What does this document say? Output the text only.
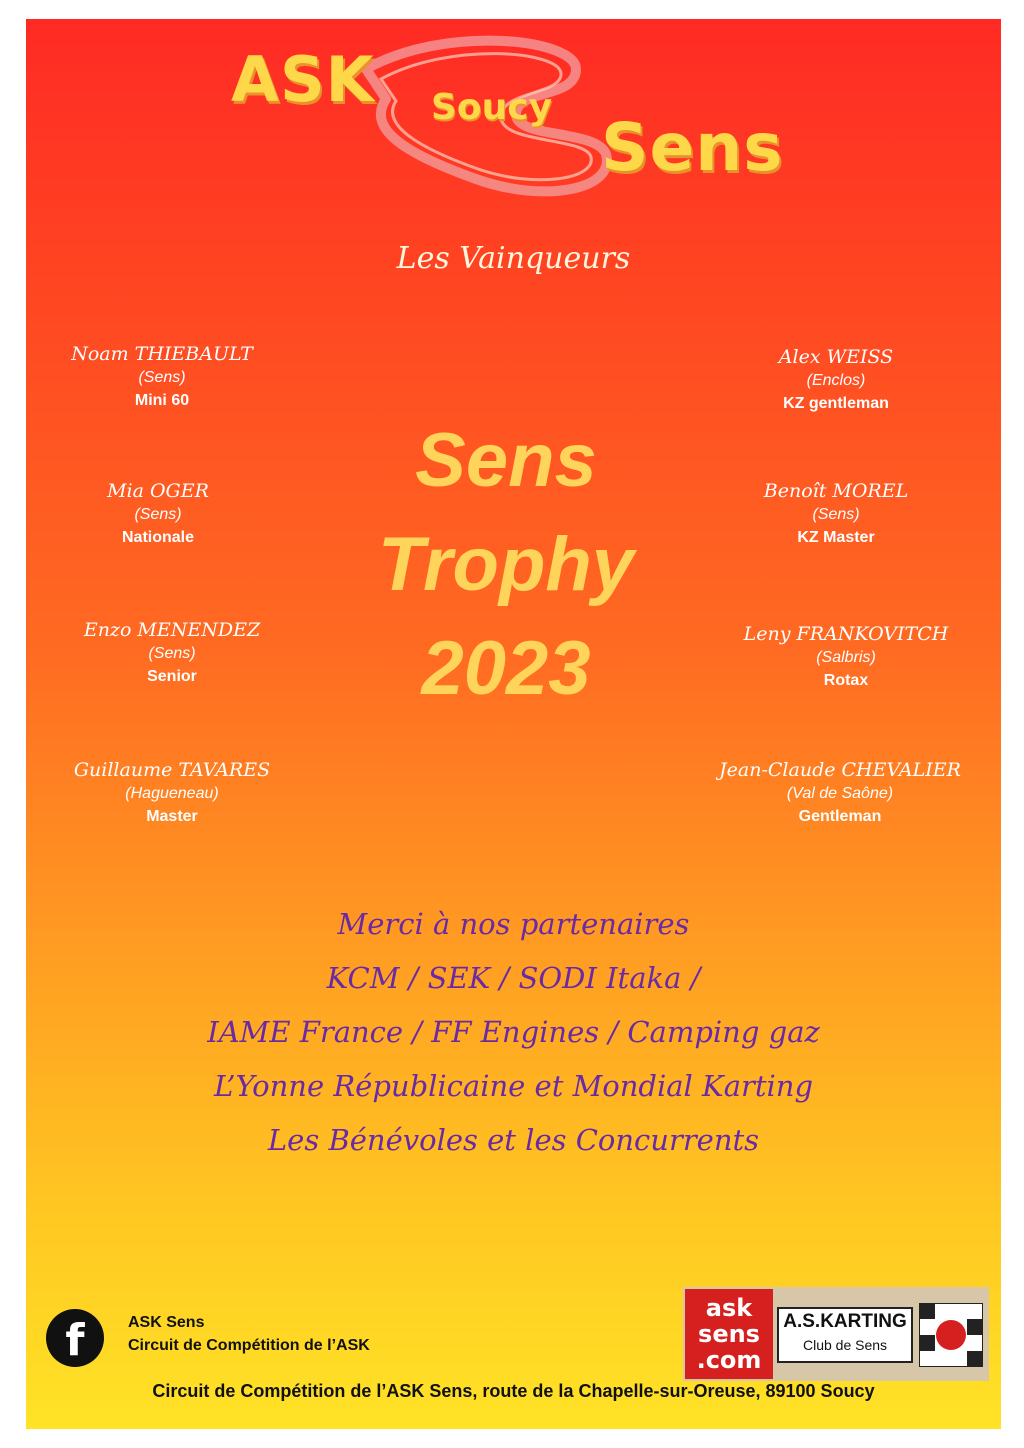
ASK Soucy
Sens
Les Vainqueurs
Noam THIEBAULT
(Sens)
Mini 60
Mia OGER
(Sens)
Nationale
Enzo MENENDEZ
(Sens)
Senior
Guillaume TAVARES
(Hagueneau)
Master
Sens
Trophy
2023
Alex WEISS
(Enclos)
KZ gentleman
Benoît MOREL
(Sens)
KZ Master
Leny FRANKOVITCH
(Salbris)
Rotax
Jean-Claude CHEVALIER
(Val de Saône)
Gentleman
Merci à nos partenaires
KCM / SEK / SODI Itaka /
IAME France / FF Engines / Camping gaz
L’Yonne Républicaine et Mondial Karting
Les Bénévoles et les Concurrents
f	ASK Sens
Circuit de Compétition de l’ASK
ask
sens
.com
A.S.KARTING
Club de Sens
Circuit de Compétition de l’ASK Sens, route de la Chapelle-sur-Oreuse, 89100 Soucy
